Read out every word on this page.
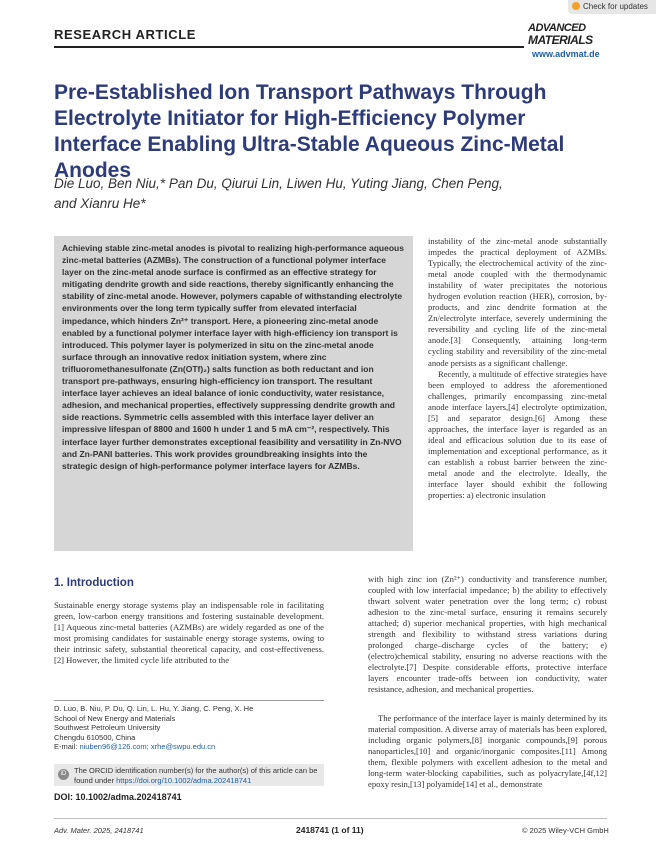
Check for updates
RESEARCH ARTICLE	ADVANCED
MATERIALS
www.advmat.de
Pre-Established Ion Transport Pathways Through Electrolyte Initiator for High-Efficiency Polymer Interface Enabling Ultra-Stable Aqueous Zinc-Metal Anodes
Die Luo, Ben Niu,* Pan Du, Qiurui Lin, Liwen Hu, Yuting Jiang, Chen Peng,
and Xianru He*
Achieving stable zinc-metal anodes is pivotal to realizing high-performance aqueous zinc-metal batteries (AZMBs). The construction of a functional polymer interface layer on the zinc-metal anode surface is confirmed as an effective strategy for mitigating dendrite growth and side reactions, thereby significantly enhancing the stability of zinc-metal anode. However, polymers capable of withstanding electrolyte environments over the long term typically suffer from elevated interfacial impedance, which hinders Zn²⁺ transport. Here, a pioneering zinc-metal anode enabled by a functional polymer interface layer with high-efficiency ion transport is introduced. This polymer layer is polymerized in situ on the zinc-metal anode surface through an innovative redox initiation system, where zinc trifluoromethanesulfonate (Zn(OTf)₂) salts function as both reductant and ion transport pre-pathways, ensuring high-efficiency ion transport. The resultant interface layer achieves an ideal balance of ionic conductivity, water resistance, adhesion, and mechanical properties, effectively suppressing dendrite growth and side reactions. Symmetric cells assembled with this interface layer deliver an impressive lifespan of 8800 and 1600 h under 1 and 5 mA cm⁻², respectively. This interface layer further demonstrates exceptional feasibility and versatility in Zn-NVO and Zn-PANI batteries. This work provides groundbreaking insights into the strategic design of high-performance polymer interface layers for AZMBs.
instability of the zinc-metal anode substantially impedes the practical deployment of AZMBs. Typically, the electrochemical activity of the zinc-metal anode coupled with the thermodynamic instability of water precipitates the notorious hydrogen evolution reaction (HER), corrosion, by-products, and zinc dendrite formation at the Zn/electrolyte interface, severely undermining the reversibility and cycling life of the zinc-metal anode.[3] Consequently, attaining long-term cycling stability and reversibility of the zinc-metal anode persists as a significant challenge.
Recently, a multitude of effective strategies have been employed to address the aforementioned challenges, primarily encompassing zinc-metal anode interface layers,[4] electrolyte optimization,[5] and separator design.[6] Among these approaches, the interface layer is regarded as an ideal and efficacious solution due to its ease of implementation and exceptional performance, as it can establish a robust barrier between the zinc-metal anode and the electrolyte. Ideally, the interface layer should exhibit the following properties: a) electronic insulation
with high zinc ion (Zn²⁺) conductivity and transference number, coupled with low interfacial impedance; b) the ability to effectively thwart solvent water penetration over the long term; c) robust adhesion to the zinc-metal surface, ensuring it remains securely attached; d) superior mechanical properties, with high mechanical strength and flexibility to withstand stress variations during prolonged charge–discharge cycles of the battery; e) (electro)chemical stability, ensuring no adverse reactions with the electrolyte.[7] Despite considerable efforts, protective interface layers encounter trade-offs between ion conductivity, water resistance, adhesion, and mechanical properties.
The performance of the interface layer is mainly determined by its material composition. A diverse array of materials has been explored, including organic polymers,[8] inorganic compounds,[9] porous nanoparticles,[10] and organic/inorganic composites.[11] Among them, flexible polymers with excellent adhesion to the metal and long-term water-blocking capabilities, such as polyacrylate,[4f,12] epoxy resin,[13] polyamide[14] et al., demonstrate
1. Introduction
Sustainable energy storage systems play an indispensable role in facilitating green, low-carbon energy transitions and fostering sustainable development.[1] Aqueous zinc-metal batteries (AZMBs) are widely regarded as one of the most promising candidates for sustainable energy storage systems, owing to their intrinsic safety, substantial theoretical capacity, and cost-effectiveness.[2] However, the limited cycle life attributed to the
D. Luo, B. Niu, P. Du, Q. Lin, L. Hu, Y. Jiang, C. Peng, X. He
School of New Energy and Materials
Southwest Petroleum University
Chengdu 610500, China
E-mail: niuben96@126.com; xrhe@swpu.edu.cn
iD	The ORCID identification number(s) for the author(s) of this article can be found under https://doi.org/10.1002/adma.202418741
DOI: 10.1002/adma.202418741
Adv. Mater. 2025, 2418741	2418741 (1 of 11)	© 2025 Wiley-VCH GmbH
